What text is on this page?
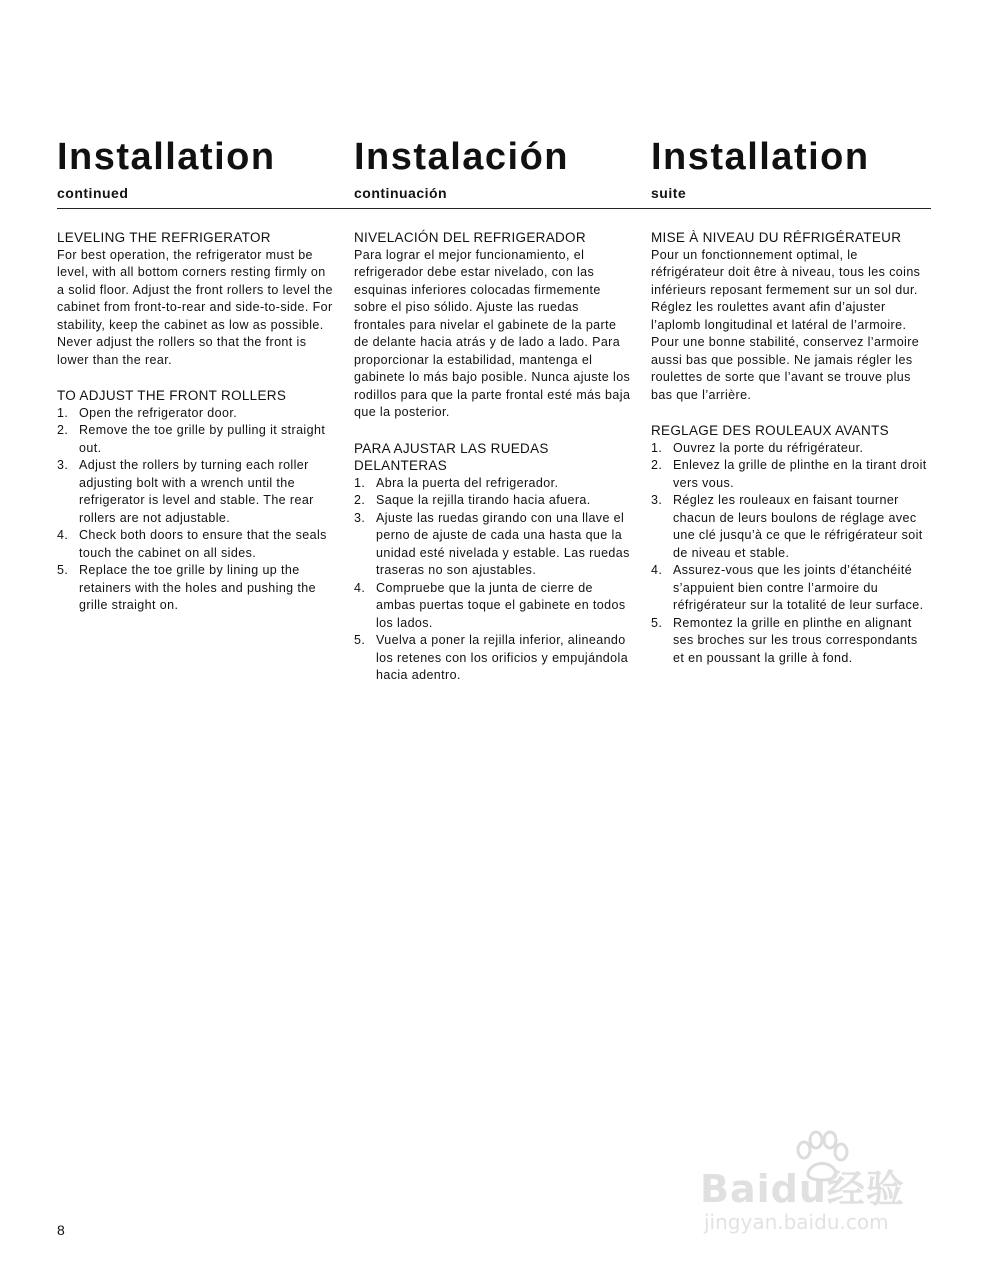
Installation
continued
Instalación
continuación
Installation
suite
LEVELING THE REFRIGERATOR
For best operation, the refrigerator must be level, with all bottom corners resting firmly on a solid floor. Adjust the front rollers to level the cabinet from front-to-rear and side-to-side. For stability, keep the cabinet as low as possible. Never adjust the rollers so that the front is lower than the rear.
TO ADJUST THE FRONT ROLLERS
1. Open the refrigerator door.
2. Remove the toe grille by pulling it straight out.
3. Adjust the rollers by turning each roller adjusting bolt with a wrench until the refrigerator is level and stable. The rear rollers are not adjustable.
4. Check both doors to ensure that the seals touch the cabinet on all sides.
5. Replace the toe grille by lining up the retainers with the holes and pushing the grille straight on.
NIVELACIÓN DEL REFRIGERADOR
Para lograr el mejor funcionamiento, el refrigerador debe estar nivelado, con las esquinas inferiores colocadas firmemente sobre el piso sólido. Ajuste las ruedas frontales para nivelar el gabinete de la parte de delante hacia atrás y de lado a lado. Para proporcionar la estabilidad, mantenga el gabinete lo más bajo posible. Nunca ajuste los rodillos para que la parte frontal esté más baja que la posterior.
PARA AJUSTAR LAS RUEDAS DELANTERAS
1. Abra la puerta del refrigerador.
2. Saque la rejilla tirando hacia afuera.
3. Ajuste las ruedas girando con una llave el perno de ajuste de cada una hasta que la unidad esté nivelada y estable. Las ruedas traseras no son ajustables.
4. Compruebe que la junta de cierre de ambas puertas toque el gabinete en todos los lados.
5. Vuelva a poner la rejilla inferior, alineando los retenes con los orificios y empujándola hacia adentro.
MISE À NIVEAU DU RÉFRIGÉRATEUR
Pour un fonctionnement optimal, le réfrigérateur doit être à niveau, tous les coins inférieurs reposant fermement sur un sol dur. Réglez les roulettes avant afin d’ajuster l’aplomb longitudinal et latéral de l’armoire. Pour une bonne stabilité, conservez l’armoire aussi bas que possible. Ne jamais régler les roulettes de sorte que l’avant se trouve plus bas que l’arrière.
REGLAGE DES ROULEAUX AVANTS
1. Ouvrez la porte du réfrigérateur.
2. Enlevez la grille de plinthe en la tirant droit vers vous.
3. Réglez les rouleaux en faisant tourner chacun de leurs boulons de réglage avec une clé jusqu’à ce que le réfrigérateur soit de niveau et stable.
4. Assurez-vous que les joints d’étanchéité s’appuient bien contre l’armoire du réfrigérateur sur la totalité de leur surface.
5. Remontez la grille en plinthe en alignant ses broches sur les trous correspondants et en poussant la grille à fond.
8
Baidu经验
jingyan.baidu.com
